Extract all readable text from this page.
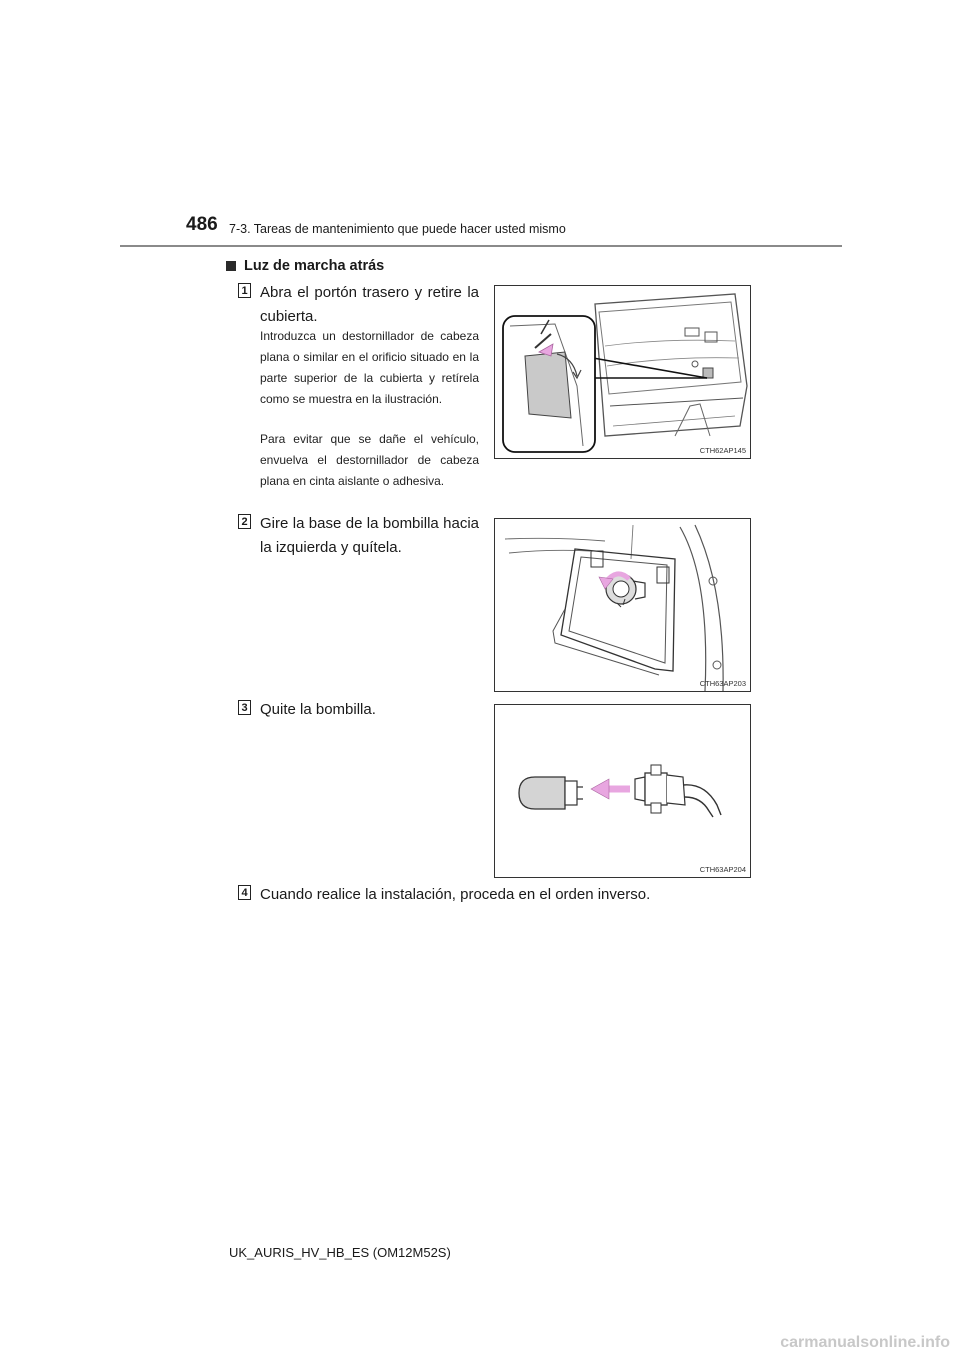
486 7-3. Tareas de mantenimiento que puede hacer usted mismo
Luz de marcha atrás
1 Abra el portón trasero y retire la cubierta.
Introduzca un destornillador de cabeza plana o similar en el orificio situado en la parte superior de la cubierta y retírela como se muestra en la ilustración.
Para evitar que se dañe el vehículo, envuelva el destornillador de cabeza plana en cinta aislante o adhesiva.
CTH62AP145
2 Gire la base de la bombilla hacia la izquierda y quítela.
CTH63AP203
3 Quite la bombilla.
CTH63AP204
4 Cuando realice la instalación, proceda en el orden inverso.
UK_AURIS_HV_HB_ES (OM12M52S)
carmanualsonline.info
